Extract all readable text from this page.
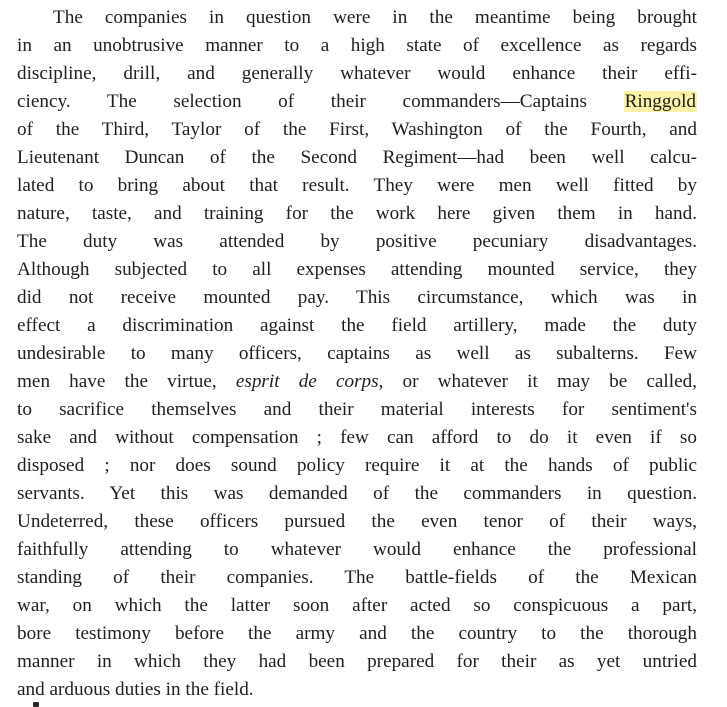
The companies in question were in the meantime being brought
in an unobtrusive manner to a high state of excellence as regards
discipline, drill, and generally whatever would enhance their effi-
ciency. The selection of their commanders—Captains Ringgold
of the Third, Taylor of the First, Washington of the Fourth, and
Lieutenant Duncan of the Second Regiment—had been well calcu-
lated to bring about that result. They were men well fitted by
nature, taste, and training for the work here given them in hand.
The duty was attended by positive pecuniary disadvantages.
Although subjected to all expenses attending mounted service, they
did not receive mounted pay. This circumstance, which was in
effect a discrimination against the field artillery, made the duty
undesirable to many officers, captains as well as subalterns. Few
men have the virtue, esprit de corps, or whatever it may be called,
to sacrifice themselves and their material interests for sentiment's
sake and without compensation ; few can afford to do it even if so
disposed ; nor does sound policy require it at the hands of public
servants. Yet this was demanded of the commanders in question.
Undeterred, these officers pursued the even tenor of their ways,
faithfully attending to whatever would enhance the professional
standing of their companies. The battle-fields of the Mexican
war, on which the latter soon after acted so conspicuous a part,
bore testimony before the army and the country to the thorough
manner in which they had been prepared for their as yet untried
and arduous duties in the field.
